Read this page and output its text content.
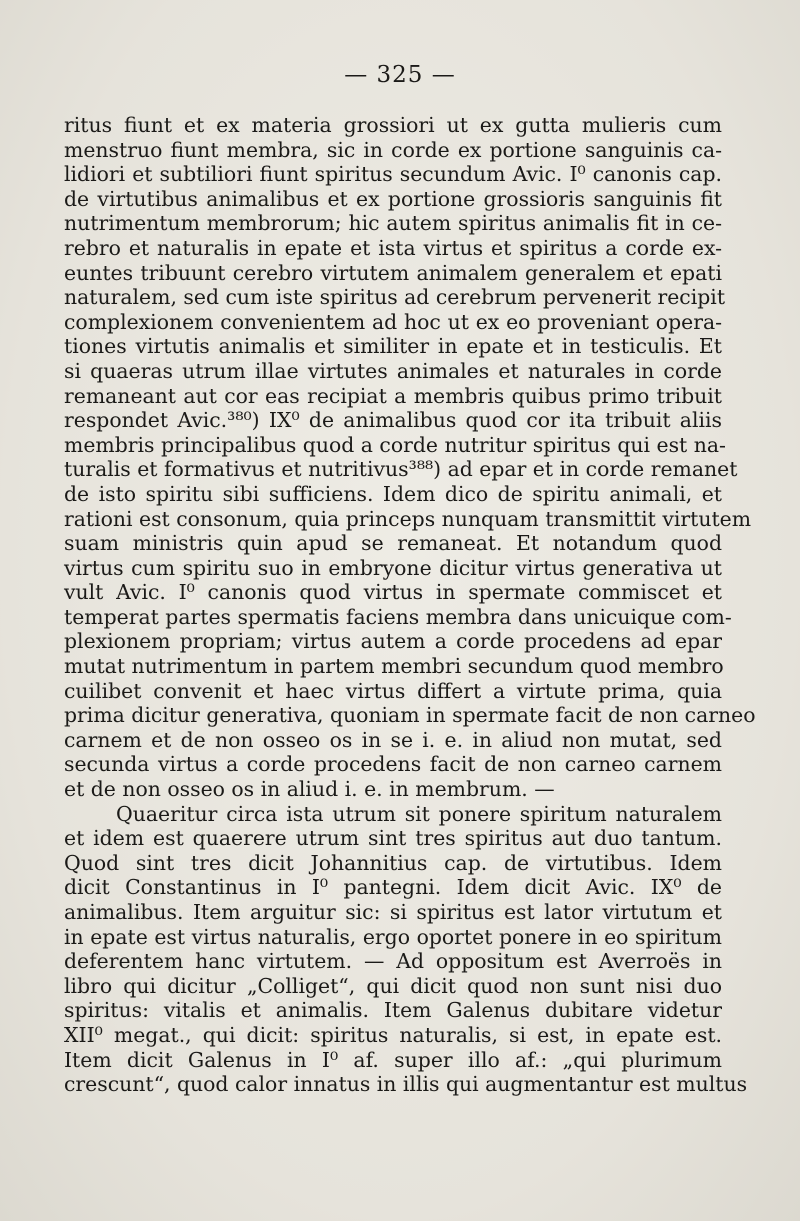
— 325 —
ritus fiunt et ex materia grossiori ut ex gutta mulieris cum
menstruo fiunt membra, sic in corde ex portione sanguinis ca-
lidiori et subtiliori fiunt spiritus secundum Avic. I⁰ canonis cap.
de virtutibus animalibus et ex portione grossioris sanguinis fit
nutrimentum membrorum; hic autem spiritus animalis fit in ce-
rebro et naturalis in epate et ista virtus et spiritus a corde ex-
euntes tribuunt cerebro virtutem animalem generalem et epati
naturalem, sed cum iste spiritus ad cerebrum pervenerit recipit
complexionem convenientem ad hoc ut ex eo proveniant opera-
tiones virtutis animalis et similiter in epate et in testiculis. Et
si quaeras utrum illae virtutes animales et naturales in corde
remaneant aut cor eas recipiat a membris quibus primo tribuit
respondet Avic.³⁸⁰) IX⁰ de animalibus quod cor ita tribuit aliis
membris principalibus quod a corde nutritur spiritus qui est na-
turalis et formativus et nutritivus³⁸⁸) ad epar et in corde remanet
de isto spiritu sibi sufficiens. Idem dico de spiritu animali, et
rationi est consonum, quia princeps nunquam transmittit virtutem
suam ministris quin apud se remaneat. Et notandum quod
virtus cum spiritu suo in embryone dicitur virtus generativa ut
vult Avic. I⁰ canonis quod virtus in spermate commiscet et
temperat partes spermatis faciens membra dans unicuique com-
plexionem propriam; virtus autem a corde procedens ad epar
mutat nutrimentum in partem membri secundum quod membro
cuilibet convenit et haec virtus differt a virtute prima, quia
prima dicitur generativa, quoniam in spermate facit de non carneo
carnem et de non osseo os in se i. e. in aliud non mutat, sed
secunda virtus a corde procedens facit de non carneo carnem
et de non osseo os in aliud i. e. in membrum. —
Quaeritur circa ista utrum sit ponere spiritum naturalem
et idem est quaerere utrum sint tres spiritus aut duo tantum.
Quod sint tres dicit Johannitius cap. de virtutibus. Idem
dicit Constantinus in I⁰ pantegni. Idem dicit Avic. IX⁰ de
animalibus. Item arguitur sic: si spiritus est lator virtutum et
in epate est virtus naturalis, ergo oportet ponere in eo spiritum
deferentem hanc virtutem. — Ad oppositum est Averroës in
libro qui dicitur „Colliget“, qui dicit quod non sunt nisi duo
spiritus: vitalis et animalis. Item Galenus dubitare videtur
XII⁰ megat., qui dicit: spiritus naturalis, si est, in epate est.
Item dicit Galenus in I⁰ af. super illo af.: „qui plurimum
crescunt“, quod calor innatus in illis qui augmentantur est multus
